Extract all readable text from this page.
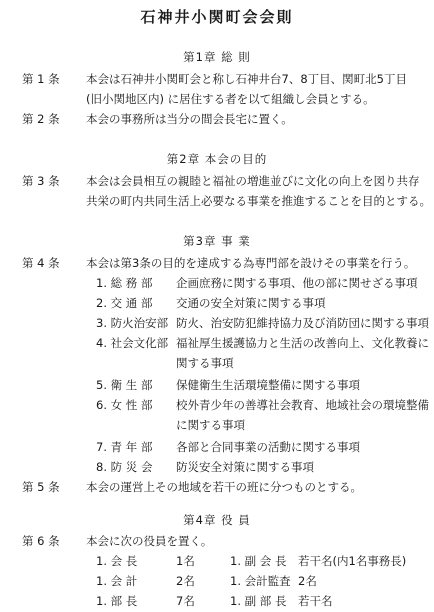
石神井小関町会会則
第1章 総 則
第 1 条	本会は石神井小関町会と称し石神井台7、8丁目、関町北5丁目
(旧小関地区内) に居住する者を以て組織し会員とする。
第 2 条	本会の事務所は当分の間会長宅に置く。
第2章 本会の目的
第 3 条	本会は会員相互の親睦と福祉の増進並びに文化の向上を図り共存
共栄の町内共同生活上必要なる事業を推進することを目的とする。
第3章 事 業
第 4 条	本会は第3条の目的を達成する為専門部を設けその事業を行う。
1. 総 務 部 企画庶務に関する事項、他の部に関せざる事項
2. 交 通 部 交通の安全対策に関する事項
3. 防火治安部 防火、治安防犯維持協力及び消防団に関する事項
4. 社会文化部 福祉厚生援護協力と生活の改善向上、文化教養に
関する事項
5. 衛 生 部 保健衛生生活環境整備に関する事項
6. 女 性 部 校外青少年の善導社会教育、地域社会の環境整備
に関する事項
7. 青 年 部 各部と合同事業の活動に関する事項
8. 防 災 会 防災安全対策に関する事項
第 5 条	本会の運営上その地域を若干の班に分つものとする。
第4章 役 員
第 6 条	本会に次の役員を置く。
1. 会 長	1名	1. 副 会 長 若干名(内1名事務長)
1. 会 計	2名	1. 会計監査 2名
1. 部 長	7名	1. 副 部 長 若干名
